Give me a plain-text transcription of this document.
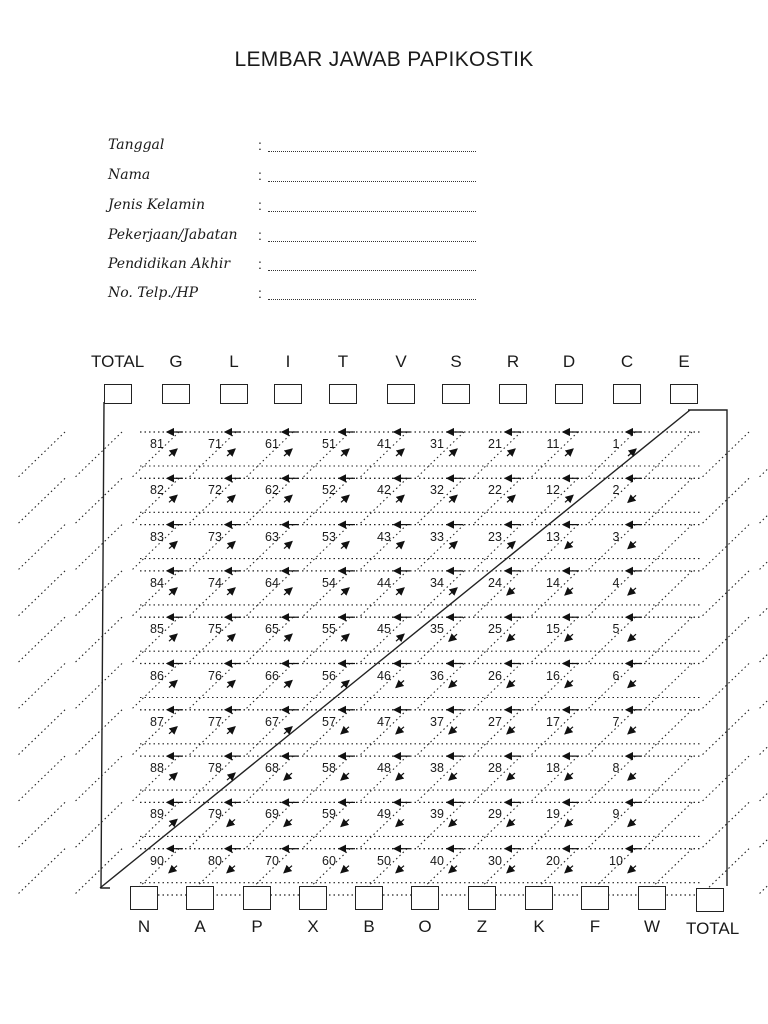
LEMBAR JAWAB PAPIKOSTIK
Tanggal	:
Nama	:
Jenis Kelamin	:
Pekerjaan/Jabatan :
Pendidikan Akhir :
No. Telp./HP	:
TOTAL
TOTAL
81	71	61	51	41	31	21	11	1
82	72	62	52	42	32	22	12	2
83	73	63	53	43	33	23	13	3
84	74	64	54	44	34	24	14	4
85	75	65	55	45	35	25	15	5
86	76	66	56	46	36	26	16	6
87	77	67	57	47	37	27	17	7
88	78	68	58	48	38	28	18	8
89	79	69	59	49	39	29	19	9
90	80	70	60	50	40	30	20	10
G	L	I	T	V	S	R	D	C	E
N	A	P	X	B	O	Z	K	F	W
